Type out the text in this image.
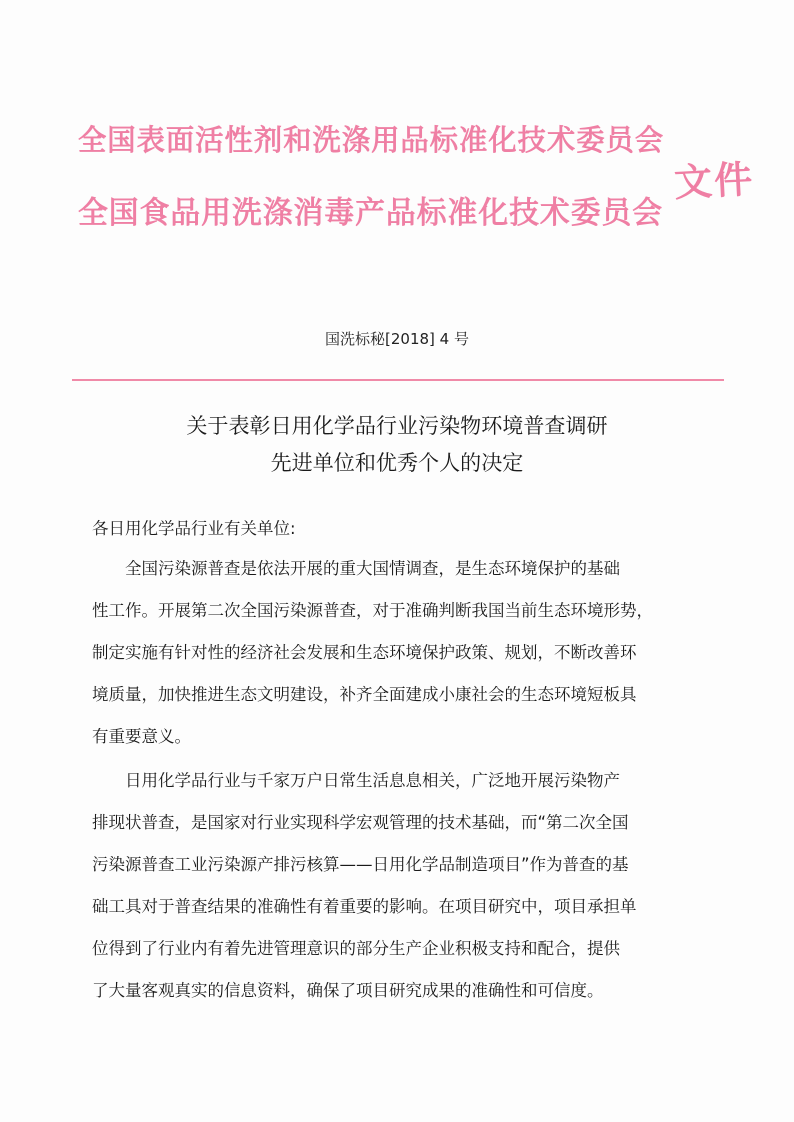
全国表面活性剂和洗涤用品标准化技术委员会
全国食品用洗涤消毒产品标准化技术委员会
文件
国洗标秘[2018] 4 号
关于表彰日用化学品行业污染物环境普查调研
先进单位和优秀个人的决定
各日用化学品行业有关单位:
全国污染源普查是依法开展的重大国情调查，是生态环境保护的基础
性工作。开展第二次全国污染源普查，对于准确判断我国当前生态环境形势，
制定实施有针对性的经济社会发展和生态环境保护政策、规划，不断改善环
境质量，加快推进生态文明建设，补齐全面建成小康社会的生态环境短板具
有重要意义。
日用化学品行业与千家万户日常生活息息相关，广泛地开展污染物产
排现状普查，是国家对行业实现科学宏观管理的技术基础，而“第二次全国
污染源普查工业污染源产排污核算——日用化学品制造项目”作为普查的基
础工具对于普查结果的准确性有着重要的影响。在项目研究中，项目承担单
位得到了行业内有着先进管理意识的部分生产企业积极支持和配合，提供
了大量客观真实的信息资料，确保了项目研究成果的准确性和可信度。
